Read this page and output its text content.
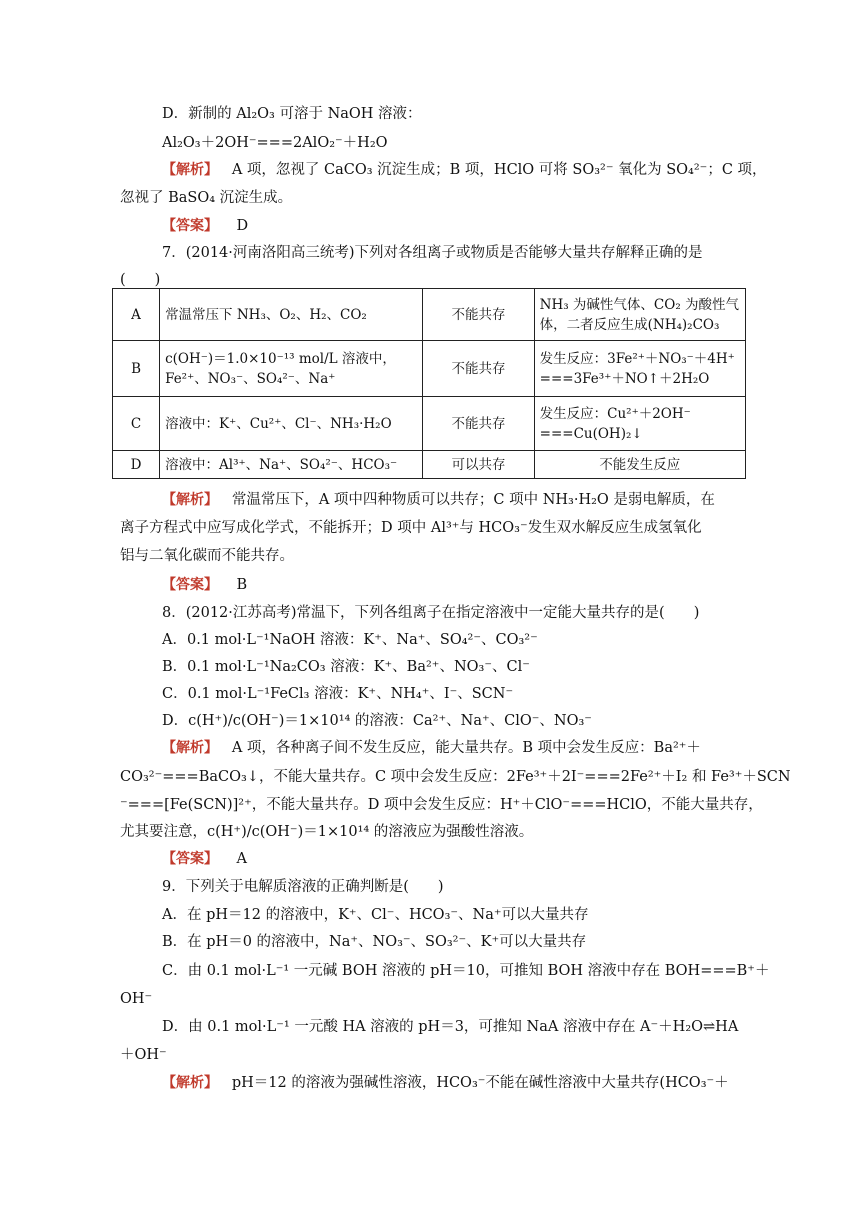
D．新制的 Al₂O₃ 可溶于 NaOH 溶液：
Al₂O₃＋2OH⁻===2AlO₂⁻＋H₂O
【解析】 A 项，忽视了 CaCO₃ 沉淀生成；B 项，HClO 可将 SO₃²⁻ 氧化为 SO₄²⁻；C 项，
忽视了 BaSO₄ 沉淀生成。
【答案】 D
7．(2014·河南洛阳高三统考)下列对各组离子或物质是否能够大量共存解释正确的是
(　　)
A	常温常压下 NH₃、O₂、H₂、CO₂	不能共存	NH₃ 为碱性气体、CO₂ 为酸性气
体，二者反应生成(NH₄)₂CO₃

B	c(OH⁻)＝1.0×10⁻¹³ mol/L 溶液中，
Fe²⁺、NO₃⁻、SO₄²⁻、Na⁺	不能共存	发生反应：3Fe²⁺＋NO₃⁻＋4H⁺
===3Fe³⁺＋NO↑＋2H₂O

C	溶液中：K⁺、Cu²⁺、Cl⁻、NH₃·H₂O	不能共存	发生反应：Cu²⁺＋2OH⁻
===Cu(OH)₂↓

D	溶液中：Al³⁺、Na⁺、SO₄²⁻、HCO₃⁻	可以共存	不能发生反应
【解析】 常温常压下，A 项中四种物质可以共存；C 项中 NH₃·H₂O 是弱电解质，在
离子方程式中应写成化学式，不能拆开；D 项中 Al³⁺与 HCO₃⁻发生双水解反应生成氢氧化
铝与二氧化碳而不能共存。
【答案】 B
8．(2012·江苏高考)常温下，下列各组离子在指定溶液中一定能大量共存的是(　　)
A．0.1 mol·L⁻¹NaOH 溶液：K⁺、Na⁺、SO₄²⁻、CO₃²⁻
B．0.1 mol·L⁻¹Na₂CO₃ 溶液：K⁺、Ba²⁺、NO₃⁻、Cl⁻
C．0.1 mol·L⁻¹FeCl₃ 溶液：K⁺、NH₄⁺、I⁻、SCN⁻
D．c(H⁺)/c(OH⁻)＝1×10¹⁴ 的溶液：Ca²⁺、Na⁺、ClO⁻、NO₃⁻
【解析】 A 项，各种离子间不发生反应，能大量共存。B 项中会发生反应：Ba²⁺＋
CO₃²⁻===BaCO₃↓，不能大量共存。C 项中会发生反应：2Fe³⁺＋2I⁻===2Fe²⁺＋I₂ 和 Fe³⁺＋SCN
⁻===[Fe(SCN)]²⁺，不能大量共存。D 项中会发生反应：H⁺＋ClO⁻===HClO，不能大量共存，
尤其要注意，c(H⁺)/c(OH⁻)＝1×10¹⁴ 的溶液应为强酸性溶液。
【答案】 A
9．下列关于电解质溶液的正确判断是(　　)
A．在 pH＝12 的溶液中，K⁺、Cl⁻、HCO₃⁻、Na⁺可以大量共存
B．在 pH＝0 的溶液中，Na⁺、NO₃⁻、SO₃²⁻、K⁺可以大量共存
C．由 0.1 mol·L⁻¹ 一元碱 BOH 溶液的 pH＝10，可推知 BOH 溶液中存在 BOH===B⁺＋
OH⁻
D．由 0.1 mol·L⁻¹ 一元酸 HA 溶液的 pH＝3，可推知 NaA 溶液中存在 A⁻＋H₂O⇌HA
＋OH⁻
【解析】 pH＝12 的溶液为强碱性溶液，HCO₃⁻不能在碱性溶液中大量共存(HCO₃⁻＋
